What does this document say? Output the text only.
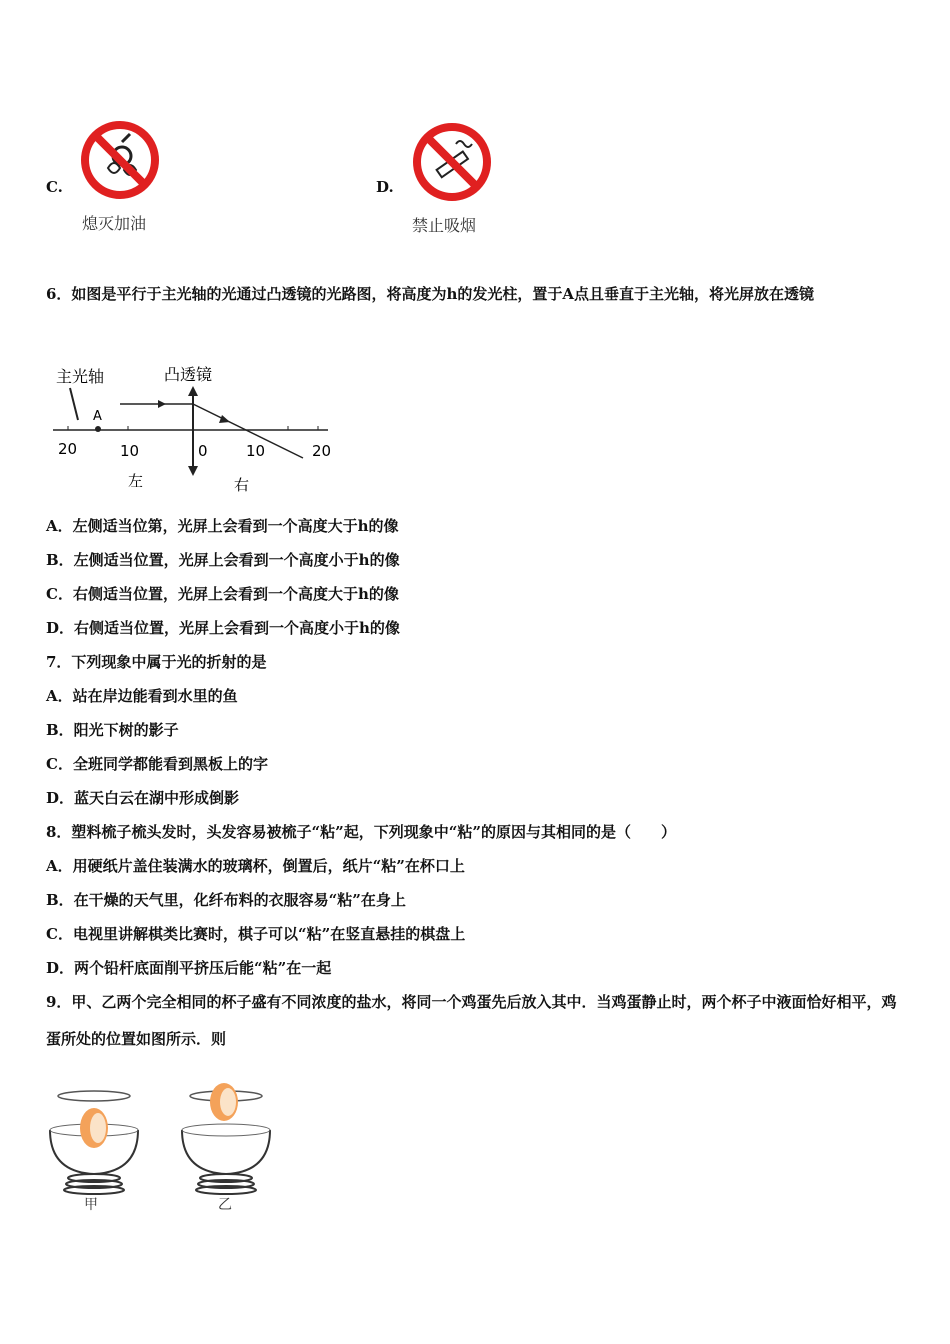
C.
熄灭加油
D.
禁止吸烟
6．如图是平行于主光轴的光通过凸透镜的光路图，将高度为h的发光柱，置于A点且垂直于主光轴，将光屏放在透镜
主光轴	凸透镜
A
20	10	0	10	20
左	右
A．左侧适当位第，光屏上会看到一个高度大于h的像
B．左侧适当位置，光屏上会看到一个高度小于h的像
C．右侧适当位置，光屏上会看到一个高度大于h的像
D．右侧适当位置，光屏上会看到一个高度小于h的像
7．下列现象中属于光的折射的是
A．站在岸边能看到水里的鱼
B．阳光下树的影子
C．全班同学都能看到黑板上的字
D．蓝天白云在湖中形成倒影
8．塑料梳子梳头发时，头发容易被梳子“粘”起，下列现象中“粘”的原因与其相同的是（　　）
A．用硬纸片盖住装满水的玻璃杯，倒置后，纸片“粘”在杯口上
B．在干燥的天气里，化纤布料的衣服容易“粘”在身上
C．电视里讲解棋类比赛时，棋子可以“粘”在竖直悬挂的棋盘上
D．两个铅杆底面削平挤压后能“粘”在一起
9．甲、乙两个完全相同的杯子盛有不同浓度的盐水，将同一个鸡蛋先后放入其中．当鸡蛋静止时，两个杯子中液面恰好相平，鸡蛋所处的位置如图所示．则
甲	乙
